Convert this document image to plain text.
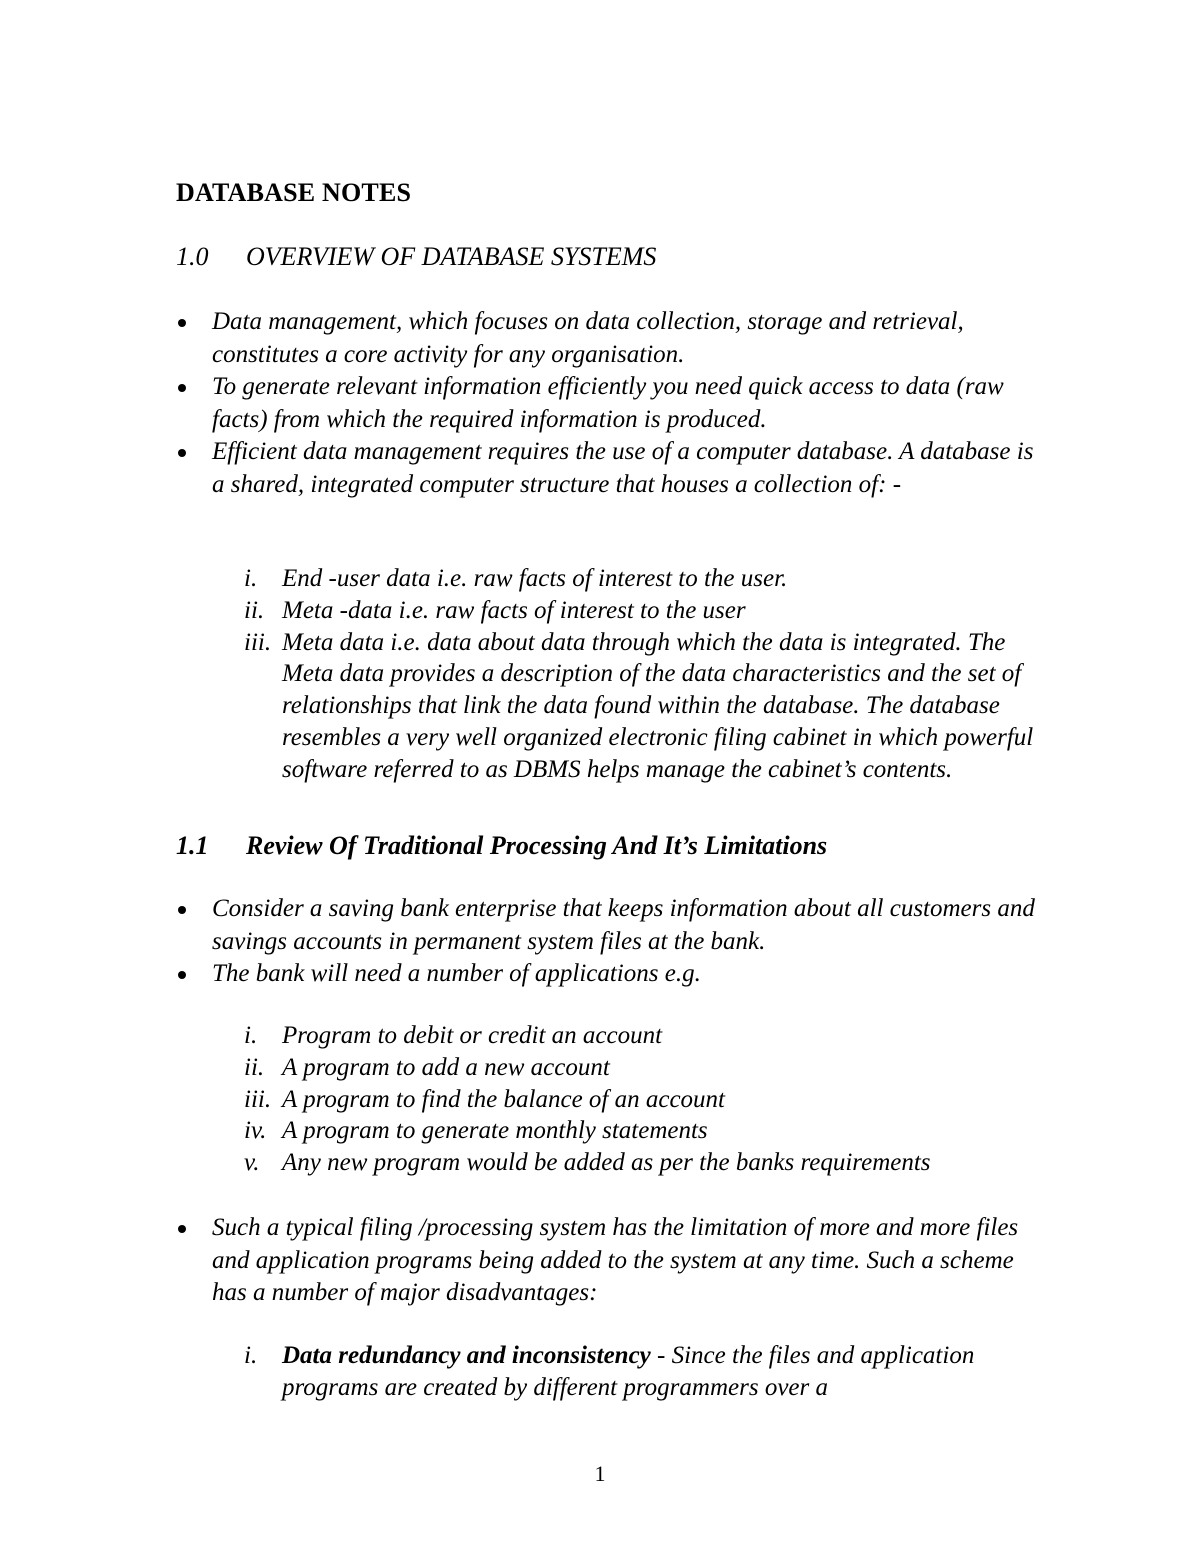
DATABASE NOTES
1.0 OVERVIEW OF DATABASE SYSTEMS
Data management, which focuses on data collection, storage and retrieval, constitutes a core activity for any organisation.
To generate relevant information efficiently you need quick access to data (raw facts) from which the required information is produced.
Efficient data management requires the use of a computer database. A database is a shared, integrated computer structure that houses a collection of: -
i. End -user data i.e. raw facts of interest to the user.
ii. Meta -data i.e. raw facts of interest to the user
iii. Meta data i.e. data about data through which the data is integrated. The Meta data provides a description of the data characteristics and the set of relationships that link the data found within the database. The database resembles a very well organized electronic filing cabinet in which powerful software referred to as DBMS helps manage the cabinet’s contents.
1.1 Review Of Traditional Processing And It’s Limitations
Consider a saving bank enterprise that keeps information about all customers and savings accounts in permanent system files at the bank.
The bank will need a number of applications e.g.
i. Program to debit or credit an account
ii. A program to add a new account
iii. A program to find the balance of an account
iv. A program to generate monthly statements
v. Any new program would be added as per the banks requirements
Such a typical filing /processing system has the limitation of more and more files and application programs being added to the system at any time. Such a scheme has a number of major disadvantages:
i. Data redundancy and inconsistency - Since the files and application programs are created by different programmers over a
1
